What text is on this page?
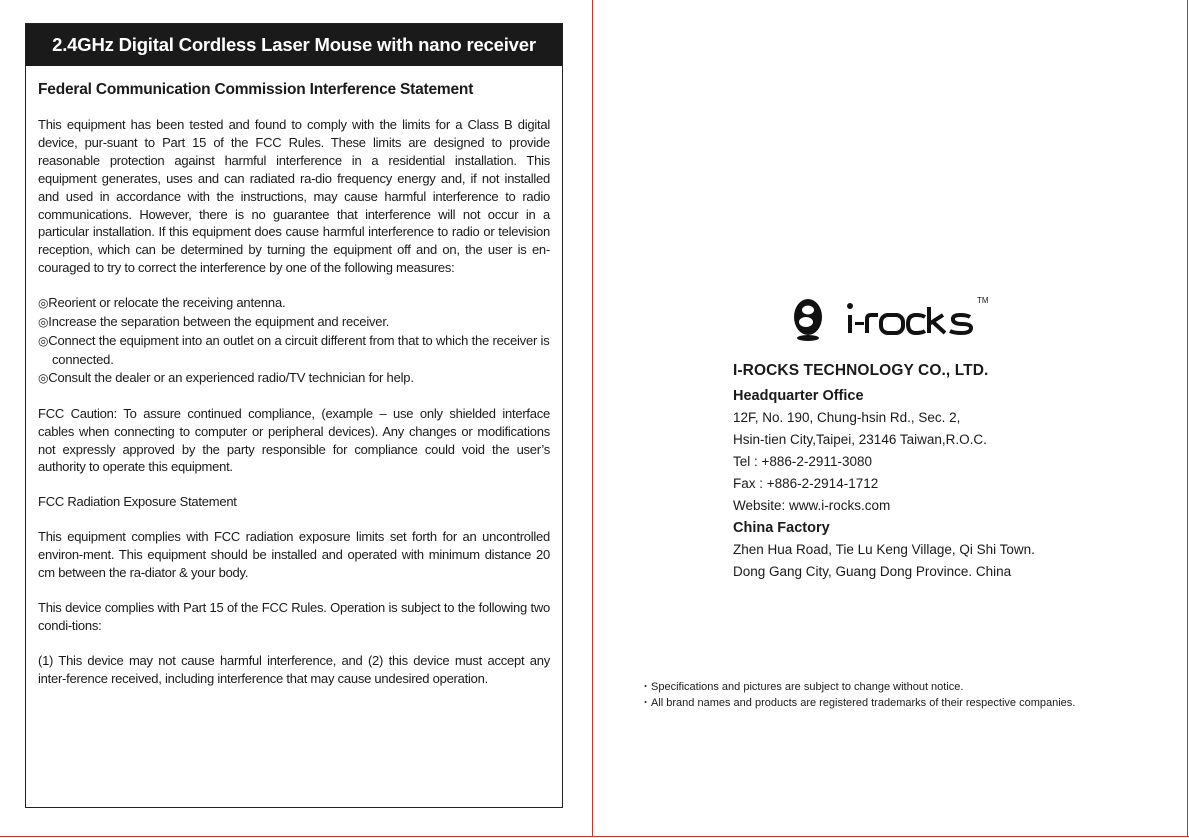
2.4GHz Digital Cordless Laser Mouse with nano receiver

Federal Communication Commission Interference Statement

This equipment has been tested and found to comply with the limits for a Class B digital device, pur-suant to Part 15 of the FCC Rules. These limits are designed to provide reasonable protection against harmful interference in a residential installation. This equipment generates, uses and can radiated ra-dio frequency energy and, if not installed and used in accordance with the instructions, may cause harmful interference to radio communications. However, there is no guarantee that interference will not occur in a particular installation. If this equipment does cause harmful interference to radio or television reception, which can be determined by turning the equipment off and on, the user is en-couraged to try to correct the interference by one of the following measures:

◎Reorient or relocate the receiving antenna.
◎Increase the separation between the equipment and receiver.
◎Connect the equipment into an outlet on a circuit different from that to which the receiver is connected.
◎Consult the dealer or an experienced radio/TV technician for help.

FCC Caution: To assure continued compliance, (example – use only shielded interface cables when connecting to computer or peripheral devices). Any changes or modifications not expressly approved by the party responsible for compliance could void the user’s authority to operate this equipment.

FCC Radiation Exposure Statement

This equipment complies with FCC radiation exposure limits set forth for an uncontrolled environ-ment. This equipment should be installed and operated with minimum distance 20 cm between the ra-diator & your body.

This device complies with Part 15 of the FCC Rules. Operation is subject to the following two condi-tions:

(1) This device may not cause harmful interference, and (2) this device must accept any inter-ference received, including interference that may cause undesired operation.

TM

I-ROCKS TECHNOLOGY CO., LTD.

Headquarter Office

12F, No. 190, Chung-hsin Rd., Sec. 2,

Hsin-tien City,Taipei, 23146 Taiwan,R.O.C.

Tel : +886-2-2911-3080

Fax : +886-2-2914-1712

Website: www.i-rocks.com

China Factory

Zhen Hua Road, Tie Lu Keng Village, Qi Shi Town.

Dong Gang City, Guang Dong Province. China

・Specifications and pictures are subject to change without notice.
・All brand names and products are registered trademarks of their respective companies.
